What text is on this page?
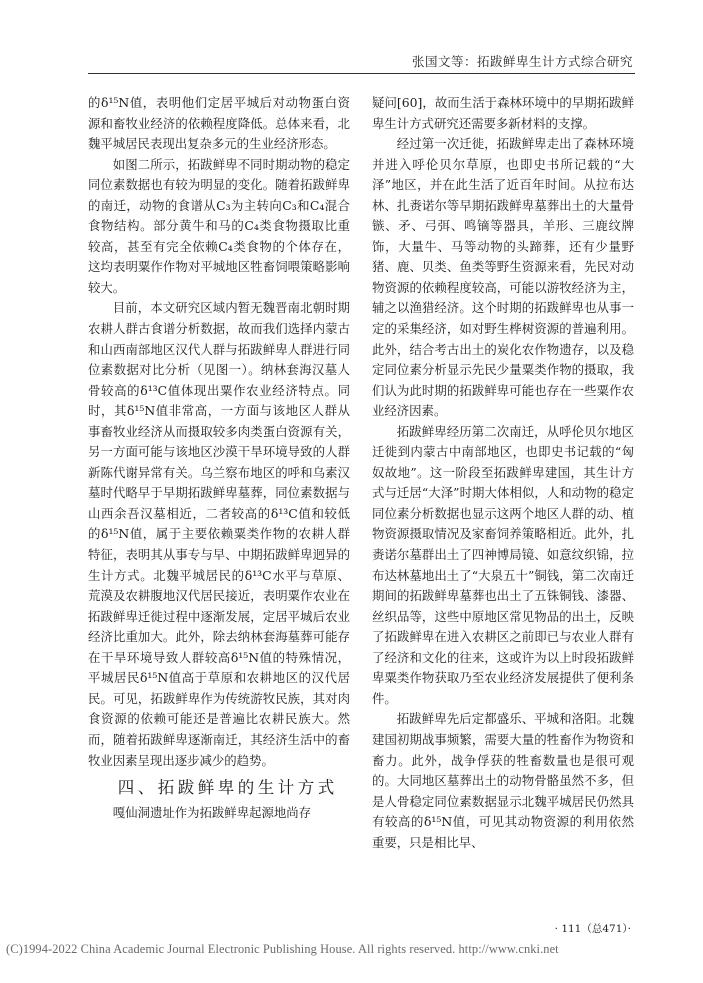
张国文等：拓跋鲜卑生计方式综合研究

的δ¹⁵N值，表明他们定居平城后对动物蛋白资源和畜牧业经济的依赖程度降低。总体来看，北魏平城居民表现出复杂多元的生业经济形态。

如图二所示，拓跋鲜卑不同时期动物的稳定同位素数据也有较为明显的变化。随着拓跋鲜卑的南迁，动物的食谱从C₃为主转向C₃和C₄混合食物结构。部分黄牛和马的C₄类食物摄取比重较高，甚至有完全依赖C₄类食物的个体存在，这均表明粟作作物对平城地区牲畜饲喂策略影响较大。

目前，本文研究区域内暂无魏晋南北朝时期农耕人群古食谱分析数据，故而我们选择内蒙古和山西南部地区汉代人群与拓跋鲜卑人群进行同位素数据对比分析（见图一）。纳林套海汉墓人骨较高的δ¹³C值体现出粟作农业经济特点。同时，其δ¹⁵N值非常高，一方面与该地区人群从事畜牧业经济从而摄取较多肉类蛋白资源有关，另一方面可能与该地区沙漠干旱环境导致的人群新陈代谢异常有关。乌兰察布地区的呼和乌素汉墓时代略早于早期拓跋鲜卑墓葬，同位素数据与山西余吾汉墓相近，二者较高的δ¹³C值和较低的δ¹⁵N值，属于主要依赖粟类作物的农耕人群特征，表明其从事专与早、中期拓跋鲜卑迥异的生计方式。北魏平城居民的δ¹³C水平与草原、荒漠及农耕腹地汉代居民接近，表明粟作农业在拓跋鲜卑迁徙过程中逐渐发展，定居平城后农业经济比重加大。此外，除去纳林套海墓葬可能存在干旱环境导致人群较高δ¹⁵N值的特殊情况，平城居民δ¹⁵N值高于草原和农耕地区的汉代居民。可见，拓跋鲜卑作为传统游牧民族，其对肉食资源的依赖可能还是普遍比农耕民族大。然而，随着拓跋鲜卑逐渐南迁，其经济生活中的畜牧业因素呈现出逐步减少的趋势。

四、拓跋鲜卑的生计方式

嘎仙洞遗址作为拓跋鲜卑起源地尚存

疑问[60]，故而生活于森林环境中的早期拓跋鲜卑生计方式研究还需要多新材料的支撑。

经过第一次迁徙，拓跋鲜卑走出了森林环境并进入呼伦贝尔草原，也即史书所记载的“大泽”地区，并在此生活了近百年时间。从拉布达林、扎赉诺尔等早期拓跋鲜卑墓葬出土的大量骨镞、矛、弓弭、鸣镝等器具，羊形、三鹿纹牌饰，大量牛、马等动物的头蹄葬，还有少量野猪、鹿、贝类、鱼类等野生资源来看，先民对动物资源的依赖程度较高，可能以游牧经济为主，辅之以渔猎经济。这个时期的拓跋鲜卑也从事一定的采集经济，如对野生桦树资源的普遍利用。此外，结合考古出土的炭化农作物遗存，以及稳定同位素分析显示先民少量粟类作物的摄取，我们认为此时期的拓跋鲜卑可能也存在一些粟作农业经济因素。

拓跋鲜卑经历第二次南迁，从呼伦贝尔地区迁徙到内蒙古中南部地区，也即史书记载的“匈奴故地”。这一阶段至拓跋鲜卑建国，其生计方式与迁居“大泽”时期大体相似，人和动物的稳定同位素分析数据也显示这两个地区人群的动、植物资源摄取情况及家畜饲养策略相近。此外，扎赉诺尔墓群出土了四神博局镜、如意纹织锦，拉布达林墓地出土了“大泉五十”铜钱，第二次南迁期间的拓跋鲜卑墓葬也出土了五铢铜钱、漆器、丝织品等，这些中原地区常见物品的出土，反映了拓跋鲜卑在进入农耕区之前即已与农业人群有了经济和文化的往来，这或许为以上时段拓跋鲜卑粟类作物获取乃至农业经济发展提供了便利条件。

拓跋鲜卑先后定都盛乐、平城和洛阳。北魏建国初期战事频繁，需要大量的牲畜作为物资和畜力。此外，战争俘获的牲畜数量也是很可观的。大同地区墓葬出土的动物骨骼虽然不多，但是人骨稳定同位素数据显示北魏平城居民仍然具有较高的δ¹⁵N值，可见其动物资源的利用依然重要，只是相比早、

· 111（总471）·
(C)1994-2022 China Academic Journal Electronic Publishing House. All rights reserved. http://www.cnki.net
